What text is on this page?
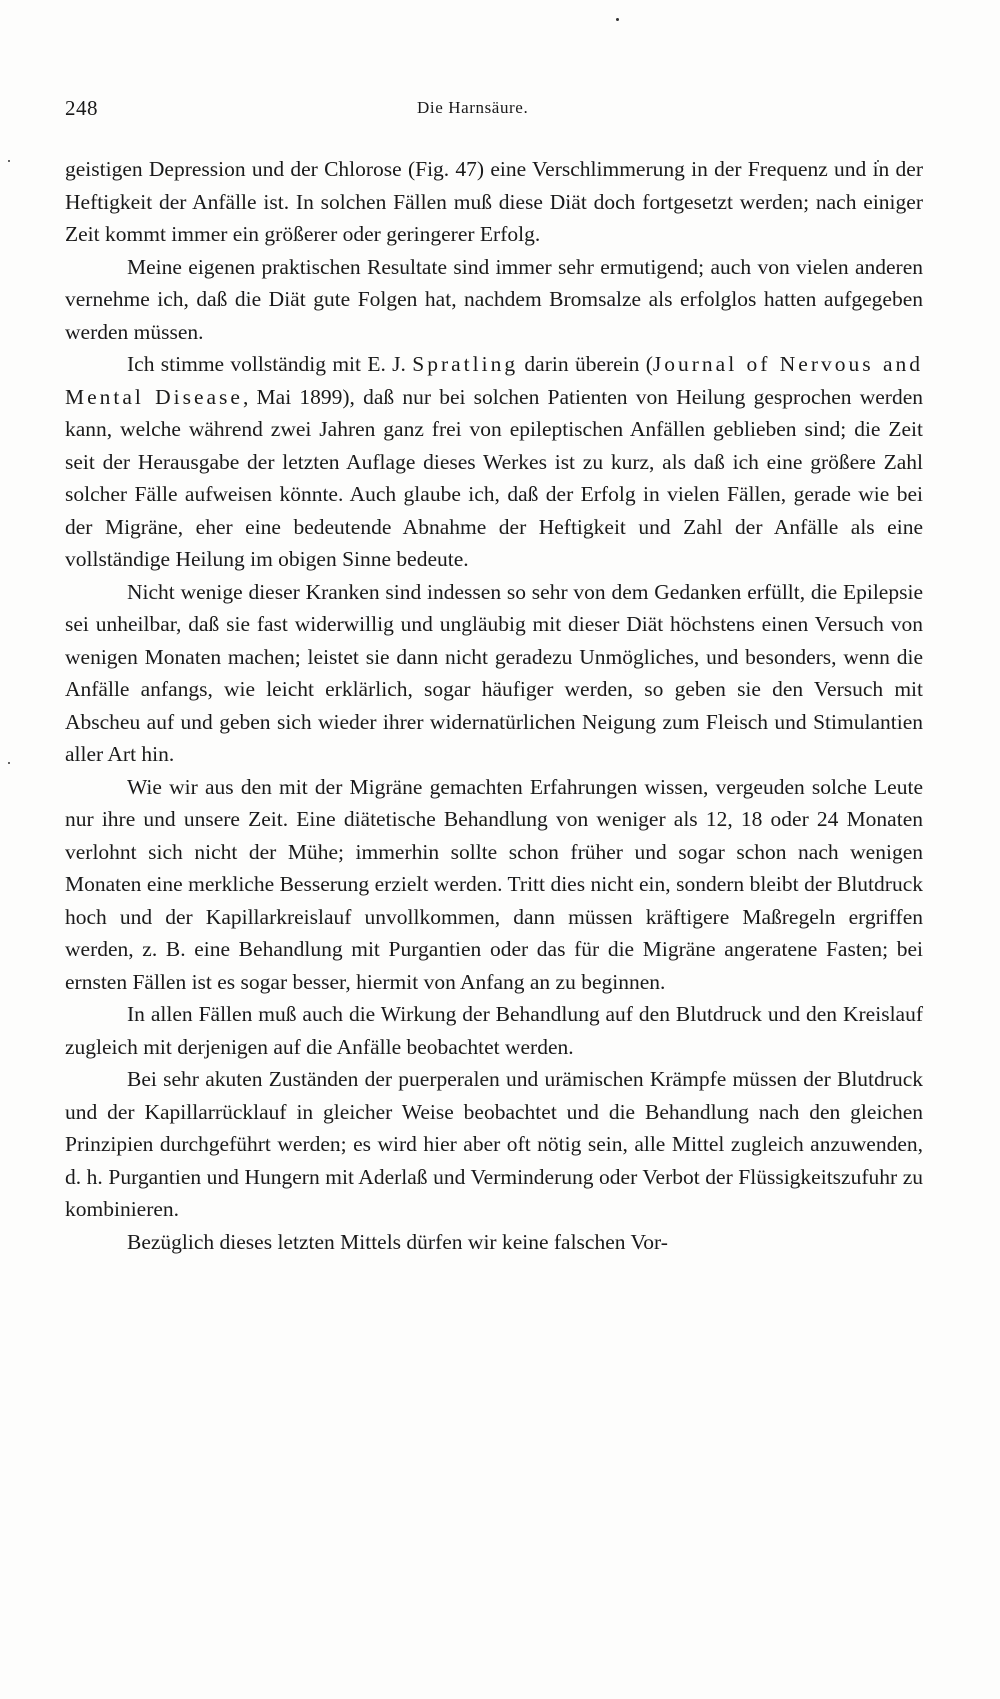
248	Die Harnsäure.

geistigen Depression und der Chlorose (Fig. 47) eine Verschlimmerung in der Frequenz und in der Heftigkeit der Anfälle ist. In solchen Fällen muß diese Diät doch fortgesetzt werden; nach einiger Zeit kommt immer ein größerer oder geringerer Erfolg.

Meine eigenen praktischen Resultate sind immer sehr ermutigend; auch von vielen anderen vernehme ich, daß die Diät gute Folgen hat, nachdem Bromsalze als erfolglos hatten aufgegeben werden müssen.

Ich stimme vollständig mit E. J. Spratling darin überein (Journal of Nervous and Mental Disease, Mai 1899), daß nur bei solchen Patienten von Heilung gesprochen werden kann, welche während zwei Jahren ganz frei von epileptischen Anfällen geblieben sind; die Zeit seit der Herausgabe der letzten Auflage dieses Werkes ist zu kurz, als daß ich eine größere Zahl solcher Fälle aufweisen könnte. Auch glaube ich, daß der Erfolg in vielen Fällen, gerade wie bei der Migräne, eher eine bedeutende Abnahme der Heftigkeit und Zahl der Anfälle als eine vollständige Heilung im obigen Sinne bedeute.

Nicht wenige dieser Kranken sind indessen so sehr von dem Gedanken erfüllt, die Epilepsie sei unheilbar, daß sie fast widerwillig und ungläubig mit dieser Diät höchstens einen Versuch von wenigen Monaten machen; leistet sie dann nicht geradezu Unmögliches, und besonders, wenn die Anfälle anfangs, wie leicht erklärlich, sogar häufiger werden, so geben sie den Versuch mit Abscheu auf und geben sich wieder ihrer widernatürlichen Neigung zum Fleisch und Stimulantien aller Art hin.

Wie wir aus den mit der Migräne gemachten Erfahrungen wissen, vergeuden solche Leute nur ihre und unsere Zeit. Eine diätetische Behandlung von weniger als 12, 18 oder 24 Monaten verlohnt sich nicht der Mühe; immerhin sollte schon früher und sogar schon nach wenigen Monaten eine merkliche Besserung erzielt werden. Tritt dies nicht ein, sondern bleibt der Blutdruck hoch und der Kapillarkreislauf unvollkommen, dann müssen kräftigere Maßregeln ergriffen werden, z. B. eine Behandlung mit Purgantien oder das für die Migräne angeratene Fasten; bei ernsten Fällen ist es sogar besser, hiermit von Anfang an zu beginnen.

In allen Fällen muß auch die Wirkung der Behandlung auf den Blutdruck und den Kreislauf zugleich mit derjenigen auf die Anfälle beobachtet werden.

Bei sehr akuten Zuständen der puerperalen und urämischen Krämpfe müssen der Blutdruck und der Kapillarrücklauf in gleicher Weise beobachtet und die Behandlung nach den gleichen Prinzipien durchgeführt werden; es wird hier aber oft nötig sein, alle Mittel zugleich anzuwenden, d. h. Purgantien und Hungern mit Aderlaß und Verminderung oder Verbot der Flüssigkeitszufuhr zu kombinieren.

Bezüglich dieses letzten Mittels dürfen wir keine falschen Vor-
